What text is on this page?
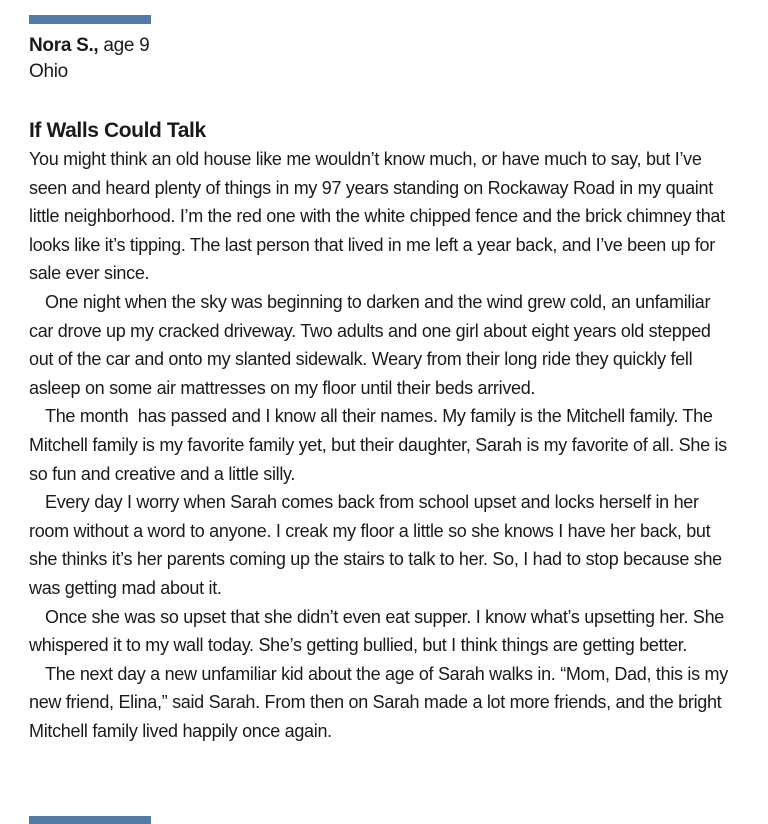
Nora S., age 9
Ohio
If Walls Could Talk

You might think an old house like me wouldn’t know much, or have much to say, but I’ve seen and heard plenty of things in my 97 years standing on Rockaway Road in my quaint little neighborhood. I’m the red one with the white chipped fence and the brick chimney that looks like it’s tipping. The last person that lived in me left a year back, and I’ve been up for sale ever since.

One night when the sky was beginning to darken and the wind grew cold, an unfamiliar car drove up my cracked driveway. Two adults and one girl about eight years old stepped out of the car and onto my slanted sidewalk. Weary from their long ride they quickly fell asleep on some air mattresses on my floor until their beds arrived.

The month  has passed and I know all their names. My family is the Mitchell family. The Mitchell family is my favorite family yet, but their daughter, Sarah is my favorite of all. She is so fun and creative and a little silly.

Every day I worry when Sarah comes back from school upset and locks herself in her room without a word to anyone. I creak my floor a little so she knows I have her back, but she thinks it’s her parents coming up the stairs to talk to her. So, I had to stop because she was getting mad about it.

Once she was so upset that she didn’t even eat supper. I know what’s upsetting her. She whispered it to my wall today. She’s getting bullied, but I think things are getting better.

The next day a new unfamiliar kid about the age of Sarah walks in. “Mom, Dad, this is my new friend, Elina,” said Sarah. From then on Sarah made a lot more friends, and the bright Mitchell family lived happily once again.
